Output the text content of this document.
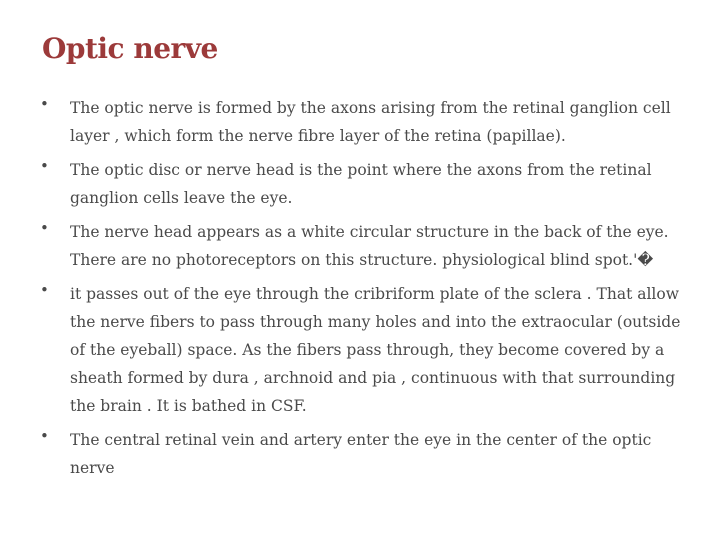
Optic nerve
• The optic nerve is formed by the axons arising from the retinal ganglion cell layer , which form the nerve fibre layer of the retina (papillae).
• The optic disc or nerve head is the point where the axons from the retinal ganglion cells leave the eye.
• The nerve head appears as a white circular structure in the back of the eye. There are no photoreceptors on this structure. physiological blind spot.'�
• it passes out of the eye through the cribriform plate of the sclera . That allow the nerve fibers to pass through many holes and into the extraocular (outside of the eyeball) space. As the fibers pass through, they become covered by a sheath formed by dura , archnoid and pia , continuous with that surrounding the brain . It is bathed in CSF.
• The central retinal vein and artery enter the eye in the center of the optic nerve
